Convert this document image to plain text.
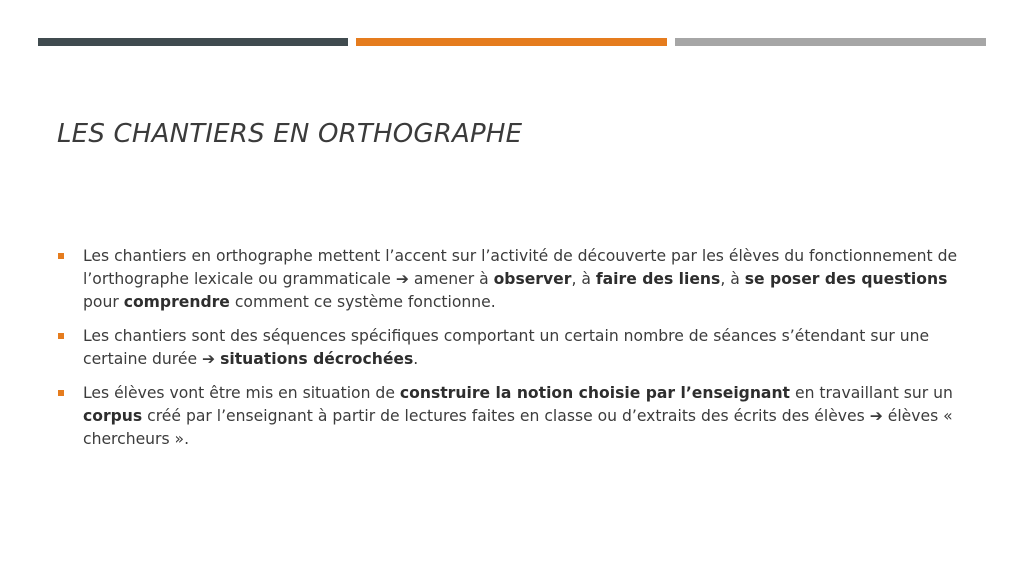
LES CHANTIERS EN ORTHOGRAPHE
Les chantiers en orthographe mettent l’accent sur l’activité de découverte par les élèves du fonctionnement de l’orthographe lexicale ou grammaticale ➔ amener à observer, à faire des liens, à se poser des questions pour comprendre comment ce système fonctionne.
Les chantiers sont des séquences spécifiques comportant un certain nombre de séances s’étendant sur une certaine durée ➔ situations décrochées.
Les élèves vont être mis en situation de construire la notion choisie par l’enseignant en travaillant sur un corpus créé par l’enseignant à partir de lectures faites en classe ou d’extraits des écrits des élèves ➔ élèves « chercheurs ».
